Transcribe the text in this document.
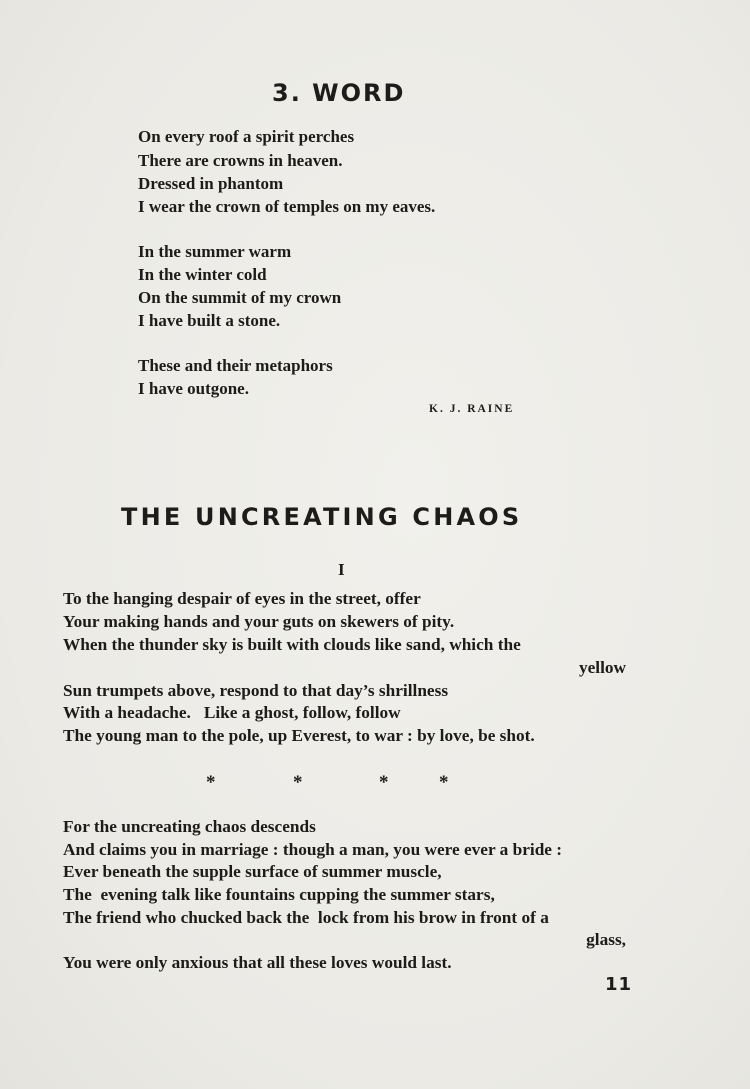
3. WORD

On every roof a spirit perches

There are crowns in heaven.

Dressed in phantom

I wear the crown of temples on my eaves.

In the summer warm

In the winter cold

On the summit of my crown

I have built a stone.

These and their metaphors

I have outgone.

K. J. RAINE
THE UNCREATING CHAOS
I

To the hanging despair of eyes in the street, offer

Your making hands and your guts on skewers of pity.

When the thunder sky is built with clouds like sand, which the

yellow

Sun trumpets above, respond to that day’s shrillness

With a headache.   Like a ghost, follow, follow

The young man to the pole, up Everest, to war : by love, be shot.

*	*	*	*

For the uncreating chaos descends

And claims you in marriage : though a man, you were ever a bride :

Ever beneath the supple surface of summer muscle,

The  evening talk like fountains cupping the summer stars,

The friend who chucked back the  lock from his brow in front of a

glass,

You were only anxious that all these loves would last.

11
